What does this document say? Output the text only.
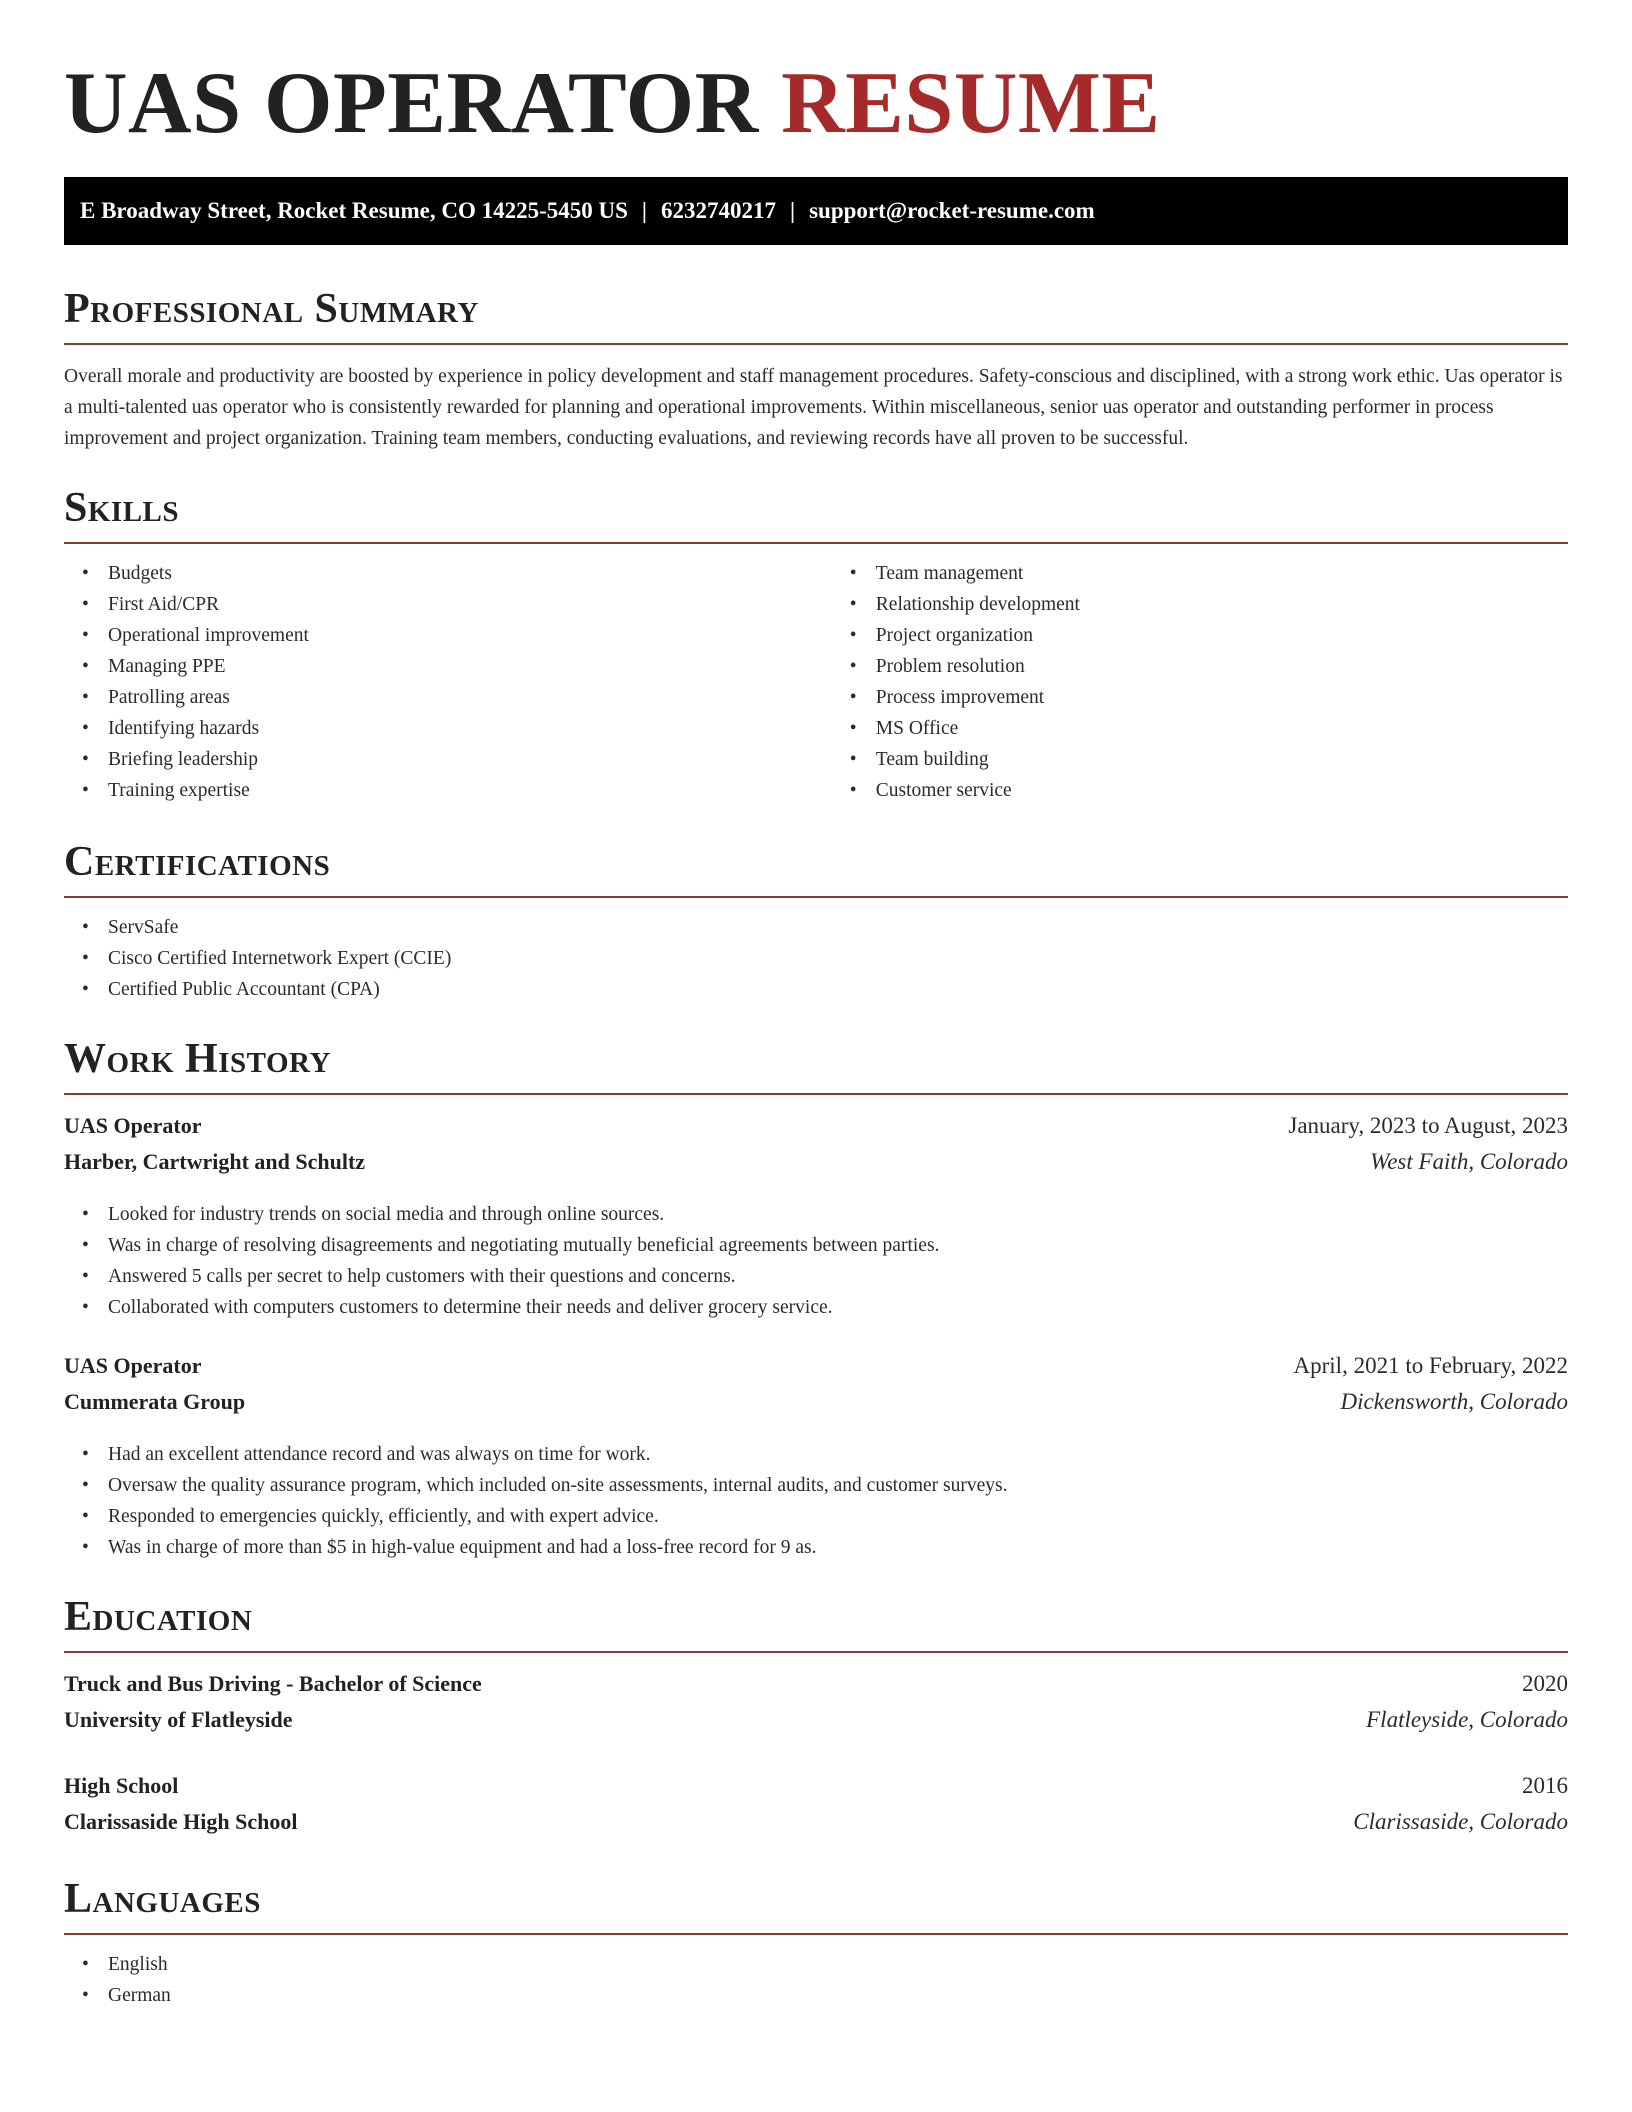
UAS OPERATOR RESUME
E Broadway Street, Rocket Resume, CO 14225-5450 US | 6232740217 | support@rocket-resume.com
Professional Summary

Overall morale and productivity are boosted by experience in policy development and staff management procedures. Safety-conscious and disciplined, with a strong work ethic. Uas operator is a multi-talented uas operator who is consistently rewarded for planning and operational improvements. Within miscellaneous, senior uas operator and outstanding performer in process improvement and project organization. Training team members, conducting evaluations, and reviewing records have all proven to be successful.

Skills
• Budgets
• First Aid/CPR
• Operational improvement
• Managing PPE
• Patrolling areas
• Identifying hazards
• Briefing leadership
• Training expertise
• Team management
• Relationship development
• Project organization
• Problem resolution
• Process improvement
• MS Office
• Team building
• Customer service
Certifications
• ServSafe
• Cisco Certified Internetwork Expert (CCIE)
• Certified Public Accountant (CPA)
Work History
UAS Operator	January, 2023 to August, 2023
Harber, Cartwright and Schultz	West Faith, Colorado
• Looked for industry trends on social media and through online sources.
• Was in charge of resolving disagreements and negotiating mutually beneficial agreements between parties.
• Answered 5 calls per secret to help customers with their questions and concerns.
• Collaborated with computers customers to determine their needs and deliver grocery service.
UAS Operator	April, 2021 to February, 2022
Cummerata Group	Dickensworth, Colorado
• Had an excellent attendance record and was always on time for work.
• Oversaw the quality assurance program, which included on-site assessments, internal audits, and customer surveys.
• Responded to emergencies quickly, efficiently, and with expert advice.
• Was in charge of more than $5 in high-value equipment and had a loss-free record for 9 as.
Education
Truck and Bus Driving - Bachelor of Science	2020
University of Flatleyside	Flatleyside, Colorado
High School	2016
Clarissaside High School	Clarissaside, Colorado
Languages
• English
• German
